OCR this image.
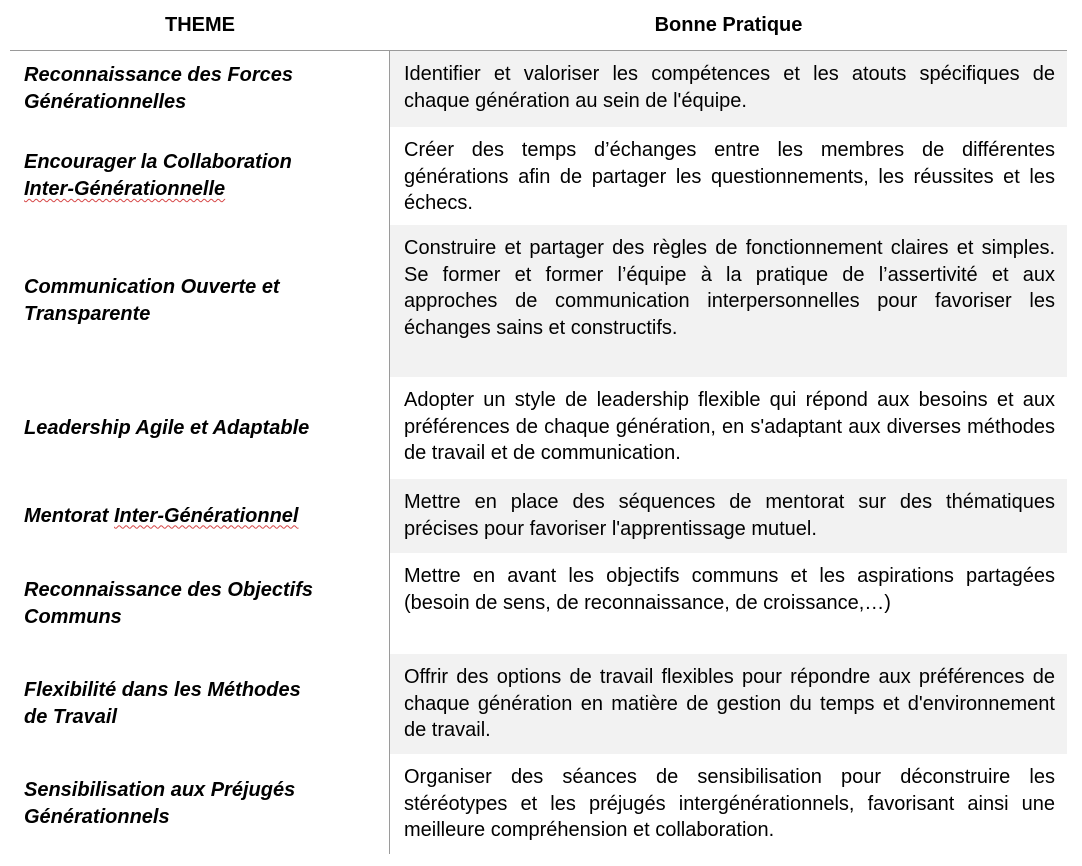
THEME	Bonne Pratique
Reconnaissance des Forces
Générationnelles
Identifier et valoriser les compétences et les atouts spécifiques de chaque génération au sein de l'équipe.
Encourager la Collaboration
Inter-Générationnelle
Créer des temps d’échanges entre les membres de différentes générations afin de partager les questionnements, les réussites et les échecs.
Communication Ouverte et
Transparente
Construire et partager des règles de fonctionnement claires et simples. Se former et former l’équipe à la pratique de l’assertivité et aux approches de communication interpersonnelles pour favoriser les échanges sains et constructifs.
Leadership Agile et Adaptable
Adopter un style de leadership flexible qui répond aux besoins et aux préférences de chaque génération, en s'adaptant aux diverses méthodes de travail et de communication.
Mentorat Inter-Générationnel
Mettre en place des séquences de mentorat sur des thématiques précises pour favoriser l'apprentissage mutuel.
Reconnaissance des Objectifs
Communs
Mettre en avant les objectifs communs et les aspirations partagées (besoin de sens, de reconnaissance, de croissance,…)
Flexibilité dans les Méthodes
de Travail
Offrir des options de travail flexibles pour répondre aux préférences de chaque génération en matière de gestion du temps et d'environnement de travail.
Sensibilisation aux Préjugés
Générationnels
Organiser des séances de sensibilisation pour déconstruire les stéréotypes et les préjugés intergénérationnels, favorisant ainsi une meilleure compréhension et collaboration.
